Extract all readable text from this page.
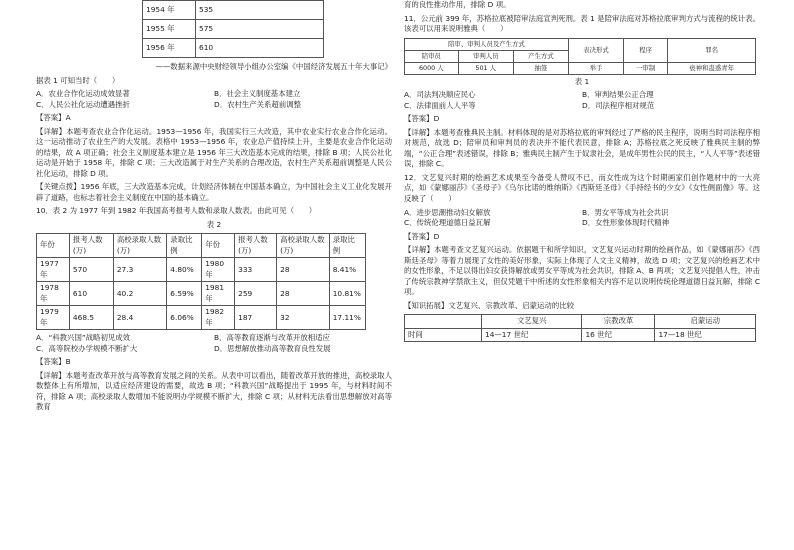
1954 年	535
1955 年	575
1956 年	610

——数据来源中央财经领导小组办公室编《中国经济发展五十年大事记》

据表 1 可知当时（　　）

A．农业合作化运动成效显著	B．社会主义制度基本建立
C．人民公社化运动遭遇挫折	D．农村生产关系超前调整

【答案】A

【详解】本题考查农业合作化运动。1953—1956 年，我国实行三大改造，其中农业实行农业合作化运动。这一运动推动了农业生产的大发展。表格中 1953—1956 年，农业总产值持续上升，主要是农业合作化运动的结果，故 A 项正确；社会主义制度基本建立是 1956 年三大改造基本完成的结果，排除 B 项；人民公社化运动是开始于 1958 年，排除 C 项；三大改造属于对生产关系的合理改造，农村生产关系超前调整是人民公社化运动，排除 D 项。

【关键点拨】1956 年底，三大改造基本完成，计划经济体制在中国基本确立，为中国社会主义工业化发展开辟了道路，也标志着社会主义制度在中国的基本确立。

10．表 2 为 1977 年到 1982 年我国高考报考人数和录取人数表。由此可见（　　）

表 2

年份	报考人数(万)	高校录取人数(万)	录取比例	年份	报考人数(万)	高校录取人数(万)	录取比例
1977 年	570	27.3	4.80%	1980 年	333	28	8.41%
1978 年	610	40.2	6.59%	1981 年	259	28	10.81%
1979 年	468.5	28.4	6.06%	1982 年	187	32	17.11%
A．“科教兴国”战略初见成效	B．高等教育逐渐与改革开放相适应
C．高等院校办学规模不断扩大	D．思想解放推动高等教育良性发展

【答案】B

【详解】本题考查改革开放与高等教育发展之间的关系。从表中可以看出，随着改革开放的推进，高校录取人数整体上有所增加，以适应经济建设的需要，故选 B 项；“科教兴国”战略提出于 1995 年，与材料时间不符，排除 A 项；高校录取人数增加不能说明办学规模不断扩大，排除 C 项；从材料无法看出思想解放对高等教育

育的良性推动作用，排除 D 项。

11．公元前 399 年，苏格拉底被陪审法庭宣判死刑。表 1 是陪审法庭对苏格拉底审判方式与流程的统计表。该表可以用来说明雅典（　　）

陪审、审判人员及产生方式			表决形式	程序	罪名
陪审员	审判人员	产生方式			
6000 人	501 人	抽签	举手	一审制	亵神和蛊惑青年

表 1

A．司法判决顺应民心	B．审判结果公正合理
C．法律面前人人平等	D．司法程序相对规范

【答案】D

【详解】本题考查雅典民主制。材料体现的是对苏格拉底的审判经过了严格的民主程序，说明当时司法程序相对规范，故选 D；陪审员和审判员的表决并不能代表民意，排除 A；苏格拉底之死反映了雅典民主制的弊端，“公正合理”表述错误，排除 B；雅典民主制产生于奴隶社会，是成年男性公民的民主，“人人平等”表述错误，排除 C。

12．文艺复兴时期的绘画艺术成果至今备受人赞叹不已，而女性成为这个时期画家们创作题材中的一大亮点，如《蒙娜丽莎》《圣母子》《乌尔比诺的维纳斯》《西斯廷圣母》《手持经书的少女》《女性侧面像》等。这反映了（　　）

A．进步思潮推动妇女解放	B．男女平等成为社会共识
C．传统伦理道德日益瓦解	D．女性形象体现时代精神

【答案】D

【详解】本题考查文艺复兴运动。依据题干和所学知识，文艺复兴运动时期的绘画作品，如《蒙娜丽莎》《西斯廷圣母》等着力展现了女性的美好形象，实际上体现了人文主义精神，故选 D 项；文艺复兴的绘画艺术中的女性形象，不足以得出妇女获得解放或男女平等成为社会共识，排除 A、B 两项；文艺复兴提倡人性，冲击了传统宗教神学禁欲主义，但仅凭题干中所述的女性形象相关内容不足以说明传统伦理道德日益瓦解，排除 C 项。

【知识拓展】文艺复兴、宗教改革、启蒙运动的比较

	文艺复兴	宗教改革	启蒙运动
时间	14—17 世纪	16 世纪	17—18 世纪
